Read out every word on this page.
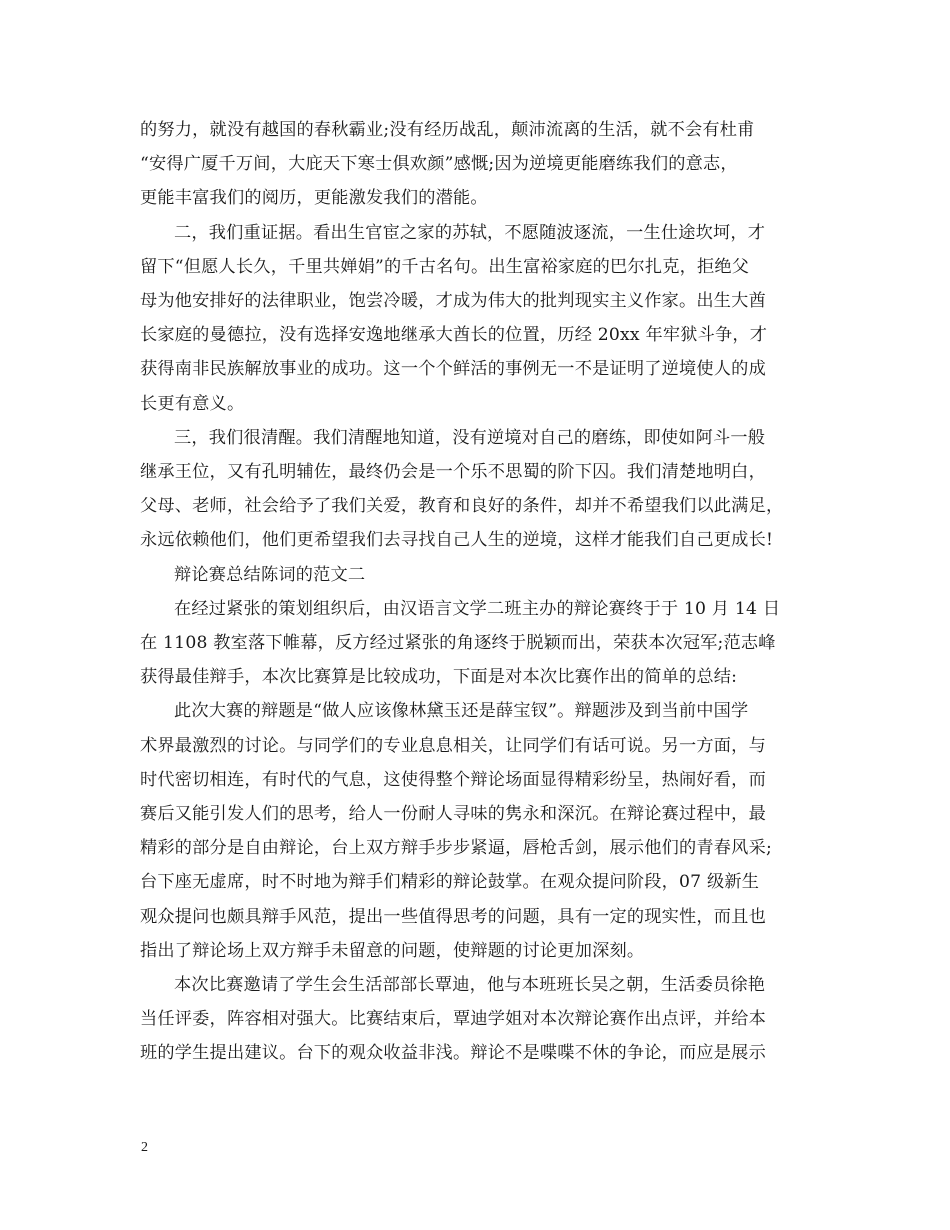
的努力，就没有越国的春秋霸业;没有经历战乱，颠沛流离的生活，就不会有杜甫
“安得广厦千万间，大庇天下寒士俱欢颜”感慨;因为逆境更能磨练我们的意志，
更能丰富我们的阅历，更能激发我们的潜能。

二，我们重证据。看出生官宦之家的苏轼，不愿随波逐流，一生仕途坎坷，才
留下“但愿人长久，千里共婵娟”的千古名句。出生富裕家庭的巴尔扎克，拒绝父
母为他安排好的法律职业，饱尝冷暖，才成为伟大的批判现实主义作家。出生大酋
长家庭的曼德拉，没有选择安逸地继承大酋长的位置，历经 20xx 年牢狱斗争，才
获得南非民族解放事业的成功。这一个个鲜活的事例无一不是证明了逆境使人的成
长更有意义。

三，我们很清醒。我们清醒地知道，没有逆境对自己的磨练，即使如阿斗一般
继承王位，又有孔明辅佐，最终仍会是一个乐不思蜀的阶下囚。我们清楚地明白，
父母、老师，社会给予了我们关爱，教育和良好的条件，却并不希望我们以此满足，
永远依赖他们，他们更希望我们去寻找自己人生的逆境，这样才能我们自己更成长!

辩论赛总结陈词的范文二

在经过紧张的策划组织后，由汉语言文学二班主办的辩论赛终于于 10 月 14 日
在 1108 教室落下帷幕，反方经过紧张的角逐终于脱颖而出，荣获本次冠军;范志峰
获得最佳辩手，本次比赛算是比较成功，下面是对本次比赛作出的简单的总结:

此次大赛的辩题是“做人应该像林黛玉还是薛宝钗”。辩题涉及到当前中国学
术界最激烈的讨论。与同学们的专业息息相关，让同学们有话可说。另一方面，与
时代密切相连，有时代的气息，这使得整个辩论场面显得精彩纷呈，热闹好看，而
赛后又能引发人们的思考，给人一份耐人寻味的隽永和深沉。在辩论赛过程中，最
精彩的部分是自由辩论，台上双方辩手步步紧逼，唇枪舌剑，展示他们的青春风采;
台下座无虚席，时不时地为辩手们精彩的辩论鼓掌。在观众提问阶段，07 级新生
观众提问也颇具辩手风范，提出一些值得思考的问题，具有一定的现实性，而且也
指出了辩论场上双方辩手未留意的问题，使辩题的讨论更加深刻。

本次比赛邀请了学生会生活部部长覃迪，他与本班班长吴之朝，生活委员徐艳
当任评委，阵容相对强大。比赛结束后，覃迪学姐对本次辩论赛作出点评，并给本
班的学生提出建议。台下的观众收益非浅。辩论不是喋喋不休的争论，而应是展示

2
